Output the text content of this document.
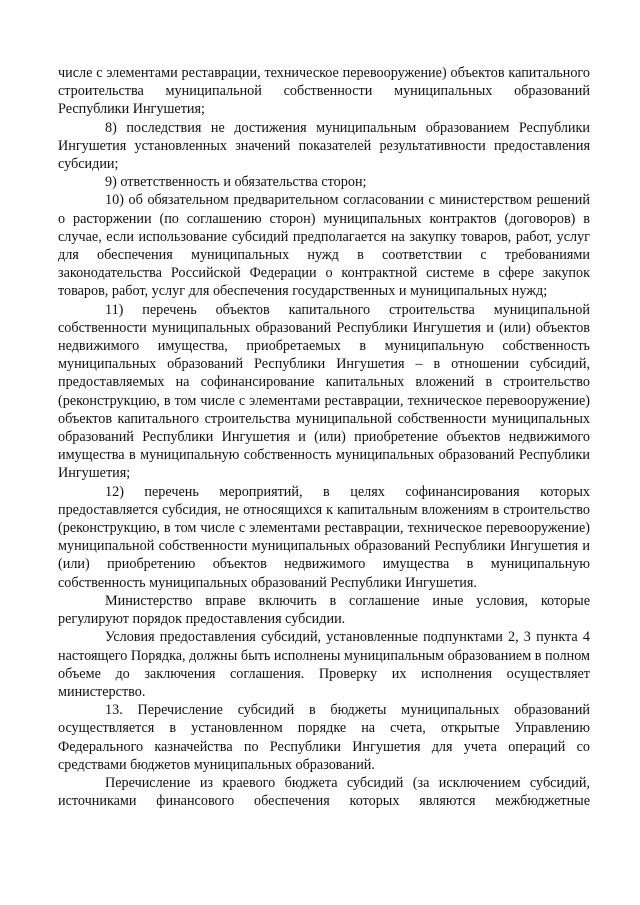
числе с элементами реставрации, техническое перевооружение) объектов капитального строительства муниципальной собственности муниципальных образований Республики Ингушетия;

8) последствия не достижения муниципальным образованием Республики Ингушетия установленных значений показателей результативности предоставления субсидии;

9) ответственность и обязательства сторон;

10) об обязательном предварительном согласовании с министерством решений о расторжении (по соглашению сторон) муниципальных контрактов (договоров) в случае, если использование субсидий предполагается на закупку товаров, работ, услуг для обеспечения муниципальных нужд в соответствии с требованиями законодательства Российской Федерации о контрактной системе в сфере закупок товаров, работ, услуг для обеспечения государственных и муниципальных нужд;

11) перечень объектов капитального строительства муниципальной собственности муниципальных образований Республики Ингушетия и (или) объектов недвижимого имущества, приобретаемых в муниципальную собственность муниципальных образований Республики Ингушетия – в отношении субсидий, предоставляемых на софинансирование капитальных вложений в строительство (реконструкцию, в том числе с элементами реставрации, техническое перевооружение) объектов капитального строительства муниципальной собственности муниципальных образований Республики Ингушетия и (или) приобретение объектов недвижимого имущества в муниципальную собственность муниципальных образований Республики Ингушетия;

12) перечень мероприятий, в целях софинансирования которых предоставляется субсидия, не относящихся к капитальным вложениям в строительство (реконструкцию, в том числе с элементами реставрации, техническое перевооружение) муниципальной собственности муниципальных образований Республики Ингушетия и (или) приобретению объектов недвижимого имущества в муниципальную собственность муниципальных образований Республики Ингушетия.

Министерство вправе включить в соглашение иные условия, которые регулируют порядок предоставления субсидии.

Условия предоставления субсидий, установленные подпунктами 2, 3 пункта 4 настоящего Порядка, должны быть исполнены муниципальным образованием в полном объеме до заключения соглашения. Проверку их исполнения осуществляет министерство.

13. Перечисление субсидий в бюджеты муниципальных образований осуществляется в установленном порядке на счета, открытые Управлению Федерального казначейства по Республики Ингушетия для учета операций со средствами бюджетов муниципальных образований.

Перечисление из краевого бюджета субсидий (за исключением субсидий, источниками финансового обеспечения которых являются межбюджетные
